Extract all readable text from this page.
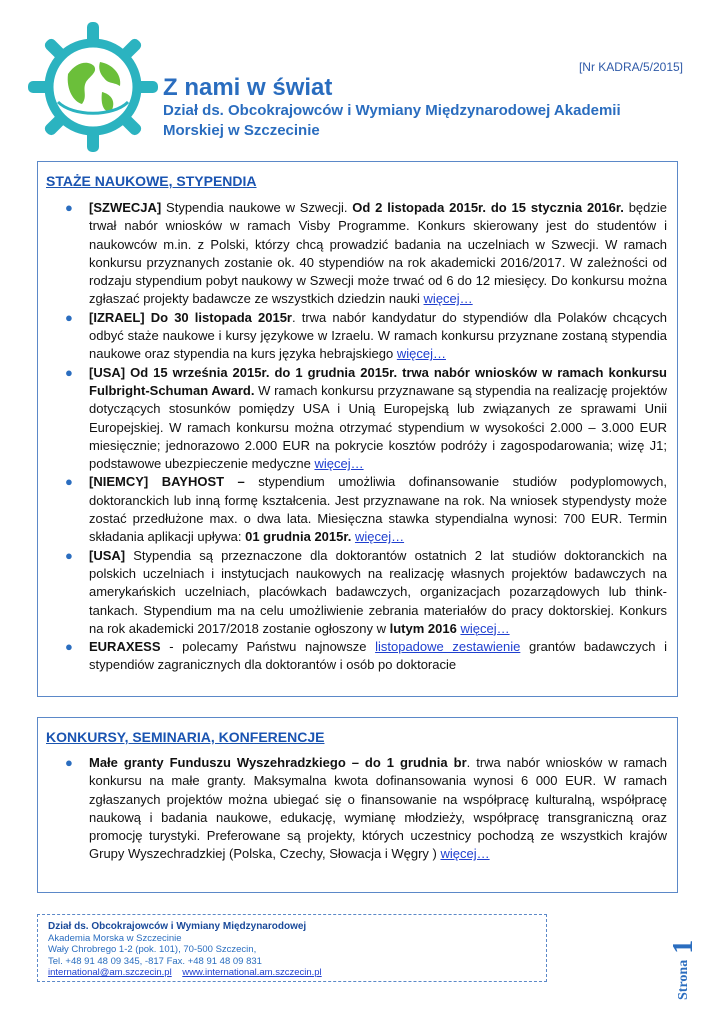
[Nr KADRA/5/2015]
Z nami w świat
Dział ds. Obcokrajowców i Wymiany Międzynarodowej Akademii Morskiej w Szczecinie
STAŻE NAUKOWE, STYPENDIA
● [SZWECJA] Stypendia naukowe w Szwecji. Od 2 listopada 2015r. do 15 stycznia 2016r. będzie trwał nabór wniosków w ramach Visby Programme. Konkurs skierowany jest do studentów i naukowców m.in. z Polski, którzy chcą prowadzić badania na uczelniach w Szwecji. W ramach konkursu przyznanych zostanie ok. 40 stypendiów na rok akademicki 2016/2017. W zależności od rodzaju stypendium pobyt naukowy w Szwecji może trwać od 6 do 12 miesięcy. Do konkursu można zgłaszać projekty badawcze ze wszystkich dziedzin nauki więcej…
● [IZRAEL] Do 30 listopada 2015r. trwa nabór kandydatur do stypendiów dla Polaków chcących odbyć staże naukowe i kursy językowe w Izraelu. W ramach konkursu przyznane zostaną stypendia naukowe oraz stypendia na kurs języka hebrajskiego więcej…
● [USA] Od 15 września 2015r. do 1 grudnia 2015r. trwa nabór wniosków w ramach konkursu Fulbright-Schuman Award. W ramach konkursu przyznawane są stypendia na realizację projektów dotyczących stosunków pomiędzy USA i Unią Europejską lub związanych ze sprawami Unii Europejskiej. W ramach konkursu można otrzymać stypendium w wysokości 2.000 – 3.000 EUR miesięcznie; jednorazowo 2.000 EUR na pokrycie kosztów podróży i zagospodarowania; wizę J1; podstawowe ubezpieczenie medyczne więcej…
● [NIEMCY] BAYHOST – stypendium umożliwia dofinansowanie studiów podyplomowych, doktoranckich lub inną formę kształcenia. Jest przyznawane na rok. Na wniosek stypendysty może zostać przedłużone max. o dwa lata. Miesięczna stawka stypendialna wynosi: 700 EUR. Termin składania aplikacji upływa: 01 grudnia 2015r. więcej…
● [USA] Stypendia są przeznaczone dla doktorantów ostatnich 2 lat studiów doktoranckich na polskich uczelniach i instytucjach naukowych na realizację własnych projektów badawczych na amerykańskich uczelniach, placówkach badawczych, organizacjach pozarządowych lub think-tankach. Stypendium ma na celu umożliwienie zebrania materiałów do pracy doktorskiej. Konkurs na rok akademicki 2017/2018 zostanie ogłoszony w lutym 2016 więcej…
● EURAXESS - polecamy Państwu najnowsze listopadowe zestawienie grantów badawczych i stypendiów zagranicznych dla doktorantów i osób po doktoracie
KONKURSY, SEMINARIA, KONFERENCJE
● Małe granty Funduszu Wyszehradzkiego – do 1 grudnia br. trwa nabór wniosków w ramach konkursu na małe granty. Maksymalna kwota dofinansowania wynosi 6 000 EUR. W ramach zgłaszanych projektów można ubiegać się o finansowanie na współpracę kulturalną, współpracę naukową i badania naukowe, edukację, wymianę młodzieży, współpracę transgraniczną oraz promocję turystyki. Preferowane są projekty, których uczestnicy pochodzą ze wszystkich krajów Grupy Wyszechradzkiej (Polska, Czechy, Słowacja i Węgry ) więcej…
Dział ds. Obcokrajowców i Wymiany Międzynarodowej
Akademia Morska w Szczecinie
Wały Chrobrego 1-2 (pok. 101), 70-500 Szczecin,
Tel. +48 91 48 09 345, -817 Fax. +48 91 48 09 831
international@am.szczecin.pl www.international.am.szczecin.pl	Strona1
